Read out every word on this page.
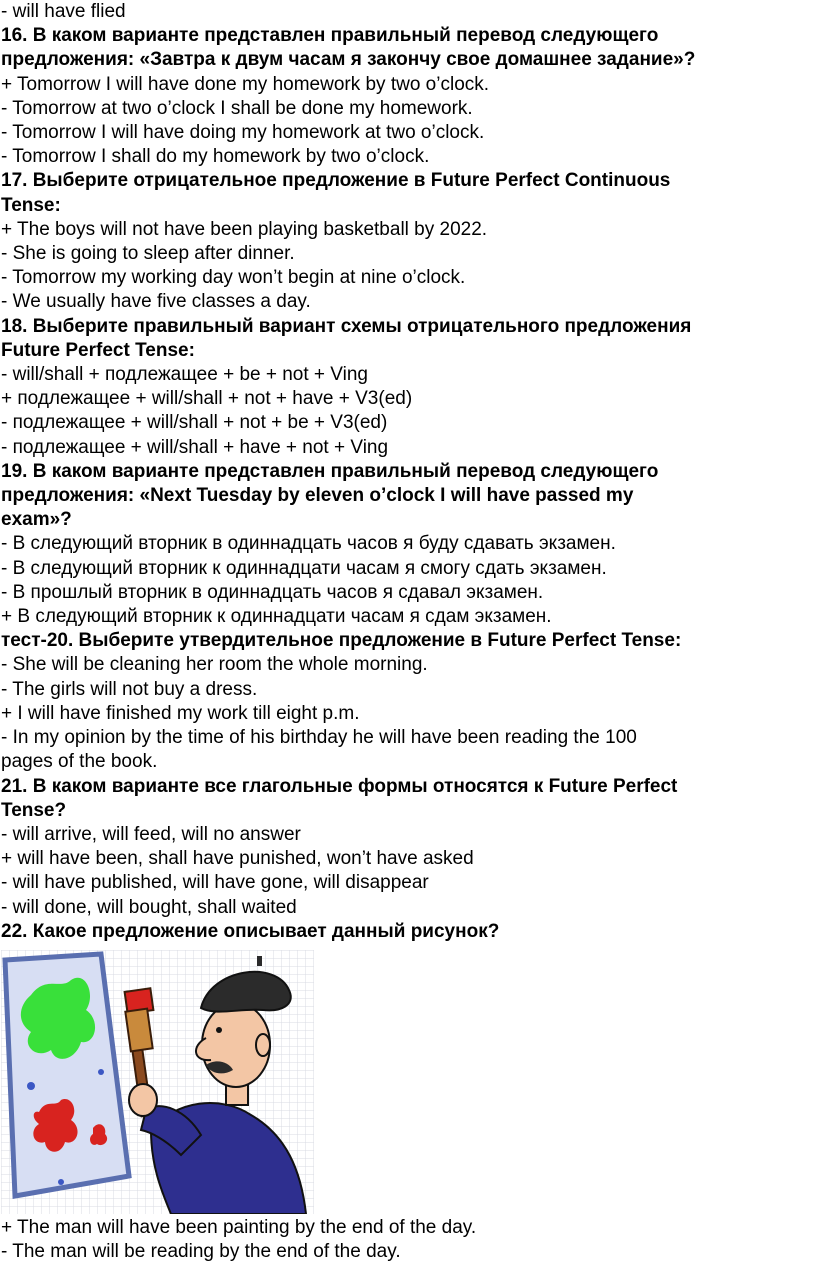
- will have flied
16. В каком варианте представлен правильный перевод следующего
предложения: «Завтра к двум часам я закончу свое домашнее задание»?
+ Tomorrow I will have done my homework by two o’clock.
- Tomorrow at two o’clock I shall be done my homework.
- Tomorrow I will have doing my homework at two o’clock.
- Tomorrow I shall do my homework by two o’clock.
17. Выберите отрицательное предложение в Future Perfect Continuous
Tense:
+ The boys will not have been playing basketball by 2022.
- She is going to sleep after dinner.
- Tomorrow my working day won’t begin at nine o’clock.
- We usually have five classes a day.
18. Выберите правильный вариант схемы отрицательного предложения
Future Perfect Tense:
- will/shall + подлежащее + be + not + Ving
+ подлежащее + will/shall + not + have + V3(ed)
- подлежащее + will/shall + not + be + V3(ed)
- подлежащее + will/shall + have + not + Ving
19. В каком варианте представлен правильный перевод следующего
предложения: «Next Tuesday by eleven o’clock I will have passed my
exam»?
- В следующий вторник в одиннадцать часов я буду сдавать экзамен.
- В следующий вторник к одиннадцати часам я смогу сдать экзамен.
- В прошлый вторник в одиннадцать часов я сдавал экзамен.
+ В следующий вторник к одиннадцати часам я сдам экзамен.
тест-20. Выберите утвердительное предложение в Future Perfect Tense:
- She will be cleaning her room the whole morning.
- The girls will not buy a dress.
+ I will have finished my work till eight p.m.
- In my opinion by the time of his birthday he will have been reading the 100
pages of the book.
21. В каком варианте все глагольные формы относятся к Future Perfect
Tense?
- will arrive, will feed, will no answer
+ will have been, shall have punished, won’t have asked
- will have published, will have gone, will disappear
- will done, will bought, shall waited
22. Какое предложение описывает данный рисунок?
+ The man will have been painting by the end of the day.
- The man will be reading by the end of the day.
